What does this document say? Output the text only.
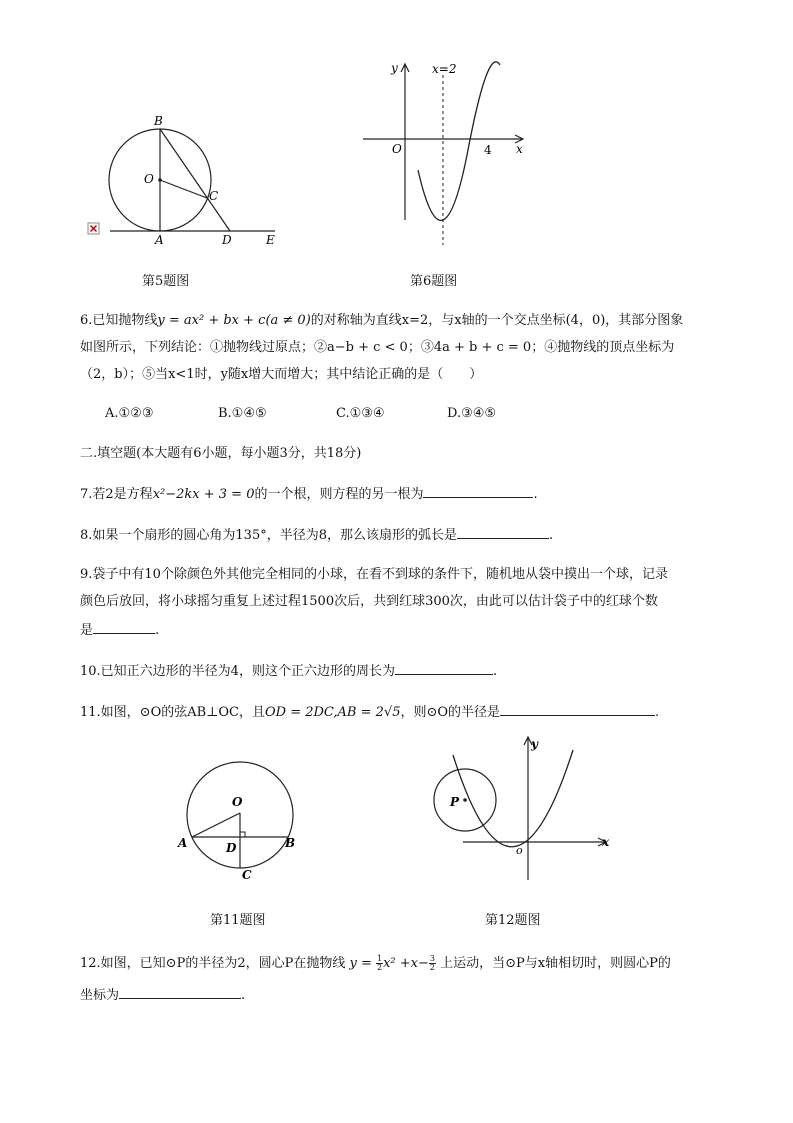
B
O
C
A	D	E
第5题图
y	x=2
O	4 x
第6题图
6.已知抛物线y = ax² + bx + c(a ≠ 0)的对称轴为直线x=2，与x轴的一个交点坐标(4，0)，其部分图象
如图所示，下列结论：①抛物线过原点；②a−b + c < 0；③4a + b + c = 0；④抛物线的顶点坐标为
（2，b）；⑤当x<1时，y随x增大而增大；其中结论正确的是（　　）
A.①②③	B.①④⑤	C.①③④	D.③④⑤
二.填空题(本大题有6小题，每小题3分，共18分)
7.若2是方程x²−2kx + 3 = 0的一个根，则方程的另一根为	.
8.如果一个扇形的圆心角为135°，半径为8，那么该扇形的弧长是	.
9.袋子中有10个除颜色外其他完全相同的小球，在看不到球的条件下，随机地从袋中摸出一个球，记录
颜色后放回，将小球摇匀重复上述过程1500次后，共到红球300次，由此可以估计袋子中的红球个数
是	.
10.已知正六边形的半径为4，则这个正六边形的周长为	.
11.如图，⊙O的弦AB⊥OC，且OD = 2DC,AB = 2√5，则⊙O的半径是	.
O
A	D	B
C
第11题图
y
P
o
x
第12题图
12.如图，已知⊙P的半径为2，圆心P在抛物线 $y = \frac{1}{2} x^2 +x- \frac{3}{2}$ 上运动，当⊙P与x轴相切时，则圆心P的
坐标为	.
